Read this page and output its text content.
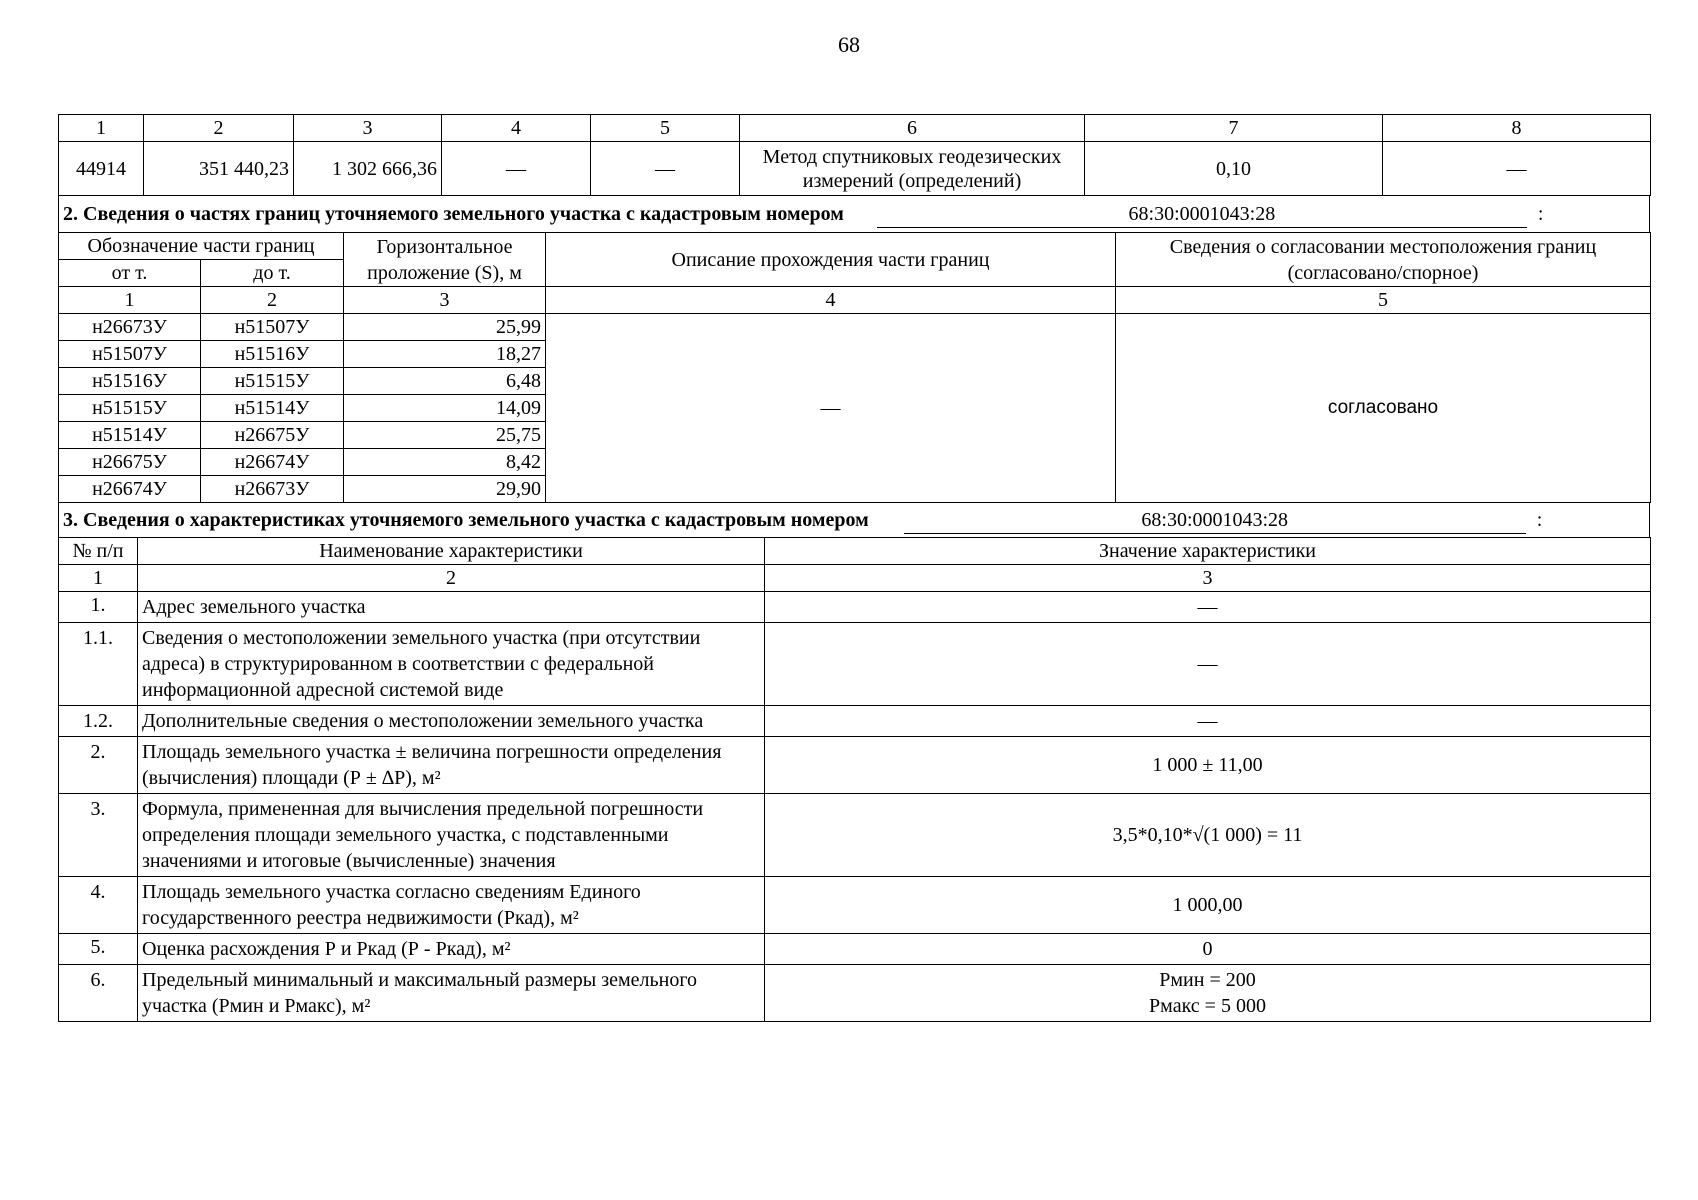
68
1	2	3	4	5	6	7	8
44914	351 440,23	1 302 666,36	—	—	Метод спутниковых геодезических измерений (определений)	0,10	—
2. Сведения о частях границ уточняемого земельного участка с кадастровым номером	68:30:0001043:28	:
Обозначение части границ		Горизонтальное проложение (S), м	Описание прохождения части границ	Сведения о согласовании местоположения границ (согласовано/спорное)
от т.	до т.			
1	2	3	4	5
н26673У	н51507У	25,99	—	согласовано
н51507У	н51516У	18,27		
н51516У	н51515У	6,48		
н51515У	н51514У	14,09		
н51514У	н26675У	25,75		
н26675У	н26674У	8,42		
н26674У	н26673У	29,90		
3. Сведения о характеристиках уточняемого земельного участка с кадастровым номером	68:30:0001043:28	:
№ п/п	Наименование характеристики	Значение характеристики
1	2	3
1.	Адрес земельного участка	—
1.1.	Сведения о местоположении земельного участка (при отсутствии адреса) в структурированном в соответствии с федеральной информационной адресной системой виде	—
1.2.	Дополнительные сведения о местоположении земельного участка	—
2.	Площадь земельного участка ± величина погрешности определения (вычисления) площади (Р ± ∆Р), м²	1 000 ± 11,00
3.	Формула, примененная для вычисления предельной погрешности определения площади земельного участка, с подставленными значениями и итоговые (вычисленные) значения	3,5*0,10*√(1 000) = 11
4.	Площадь земельного участка согласно сведениям Единого государственного реестра недвижимости (Ркад), м²	1 000,00
5.	Оценка расхождения Р и Ркад (Р - Ркад), м²	0
6.	Предельный минимальный и максимальный размеры земельного участка (Рмин и Рмакс), м²	Рмин = 200
Рмакс = 5 000
